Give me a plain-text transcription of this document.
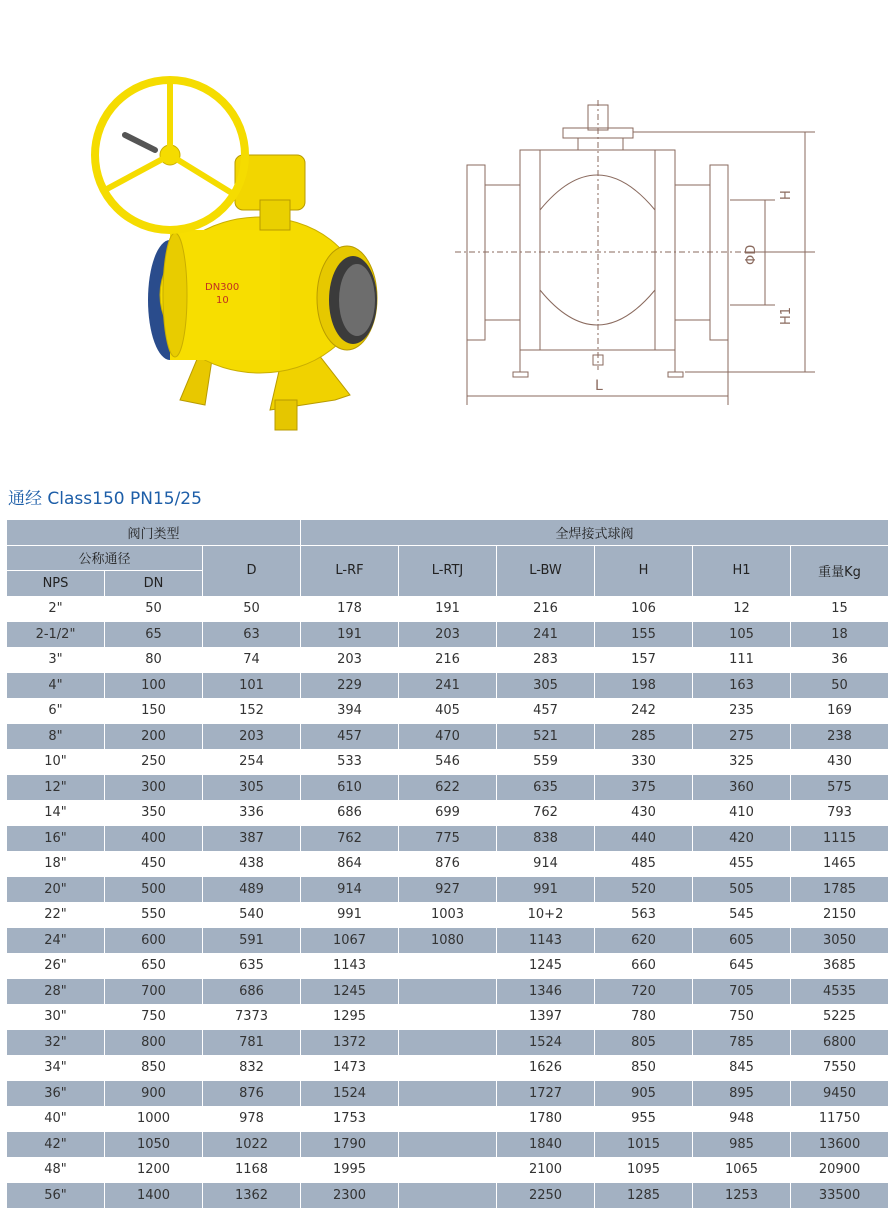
DN300
10
L
H
H1
ΦD
通经 Class150 PN15/25
阀门类型			全焊接式球阀					
公称通径		D	L-RF	L-RTJ	L-BW	H	H1	重量Kg
NPS	DN							
2"	50	50	178	191	216	106	12	15
2-1/2"	65	63	191	203	241	155	105	18
3"	80	74	203	216	283	157	111	36
4"	100	101	229	241	305	198	163	50
6"	150	152	394	405	457	242	235	169
8"	200	203	457	470	521	285	275	238
10"	250	254	533	546	559	330	325	430
12"	300	305	610	622	635	375	360	575
14"	350	336	686	699	762	430	410	793
16"	400	387	762	775	838	440	420	1115
18"	450	438	864	876	914	485	455	1465
20"	500	489	914	927	991	520	505	1785
22"	550	540	991	1003	10+2	563	545	2150
24"	600	591	1067	1080	1143	620	605	3050
26"	650	635	1143		1245	660	645	3685
28"	700	686	1245		1346	720	705	4535
30"	750	7373	1295		1397	780	750	5225
32"	800	781	1372		1524	805	785	6800
34"	850	832	1473		1626	850	845	7550
36"	900	876	1524		1727	905	895	9450
40"	1000	978	1753		1780	955	948	11750
42"	1050	1022	1790		1840	1015	985	13600
48"	1200	1168	1995		2100	1095	1065	20900
56"	1400	1362	2300		2250	1285	1253	33500
